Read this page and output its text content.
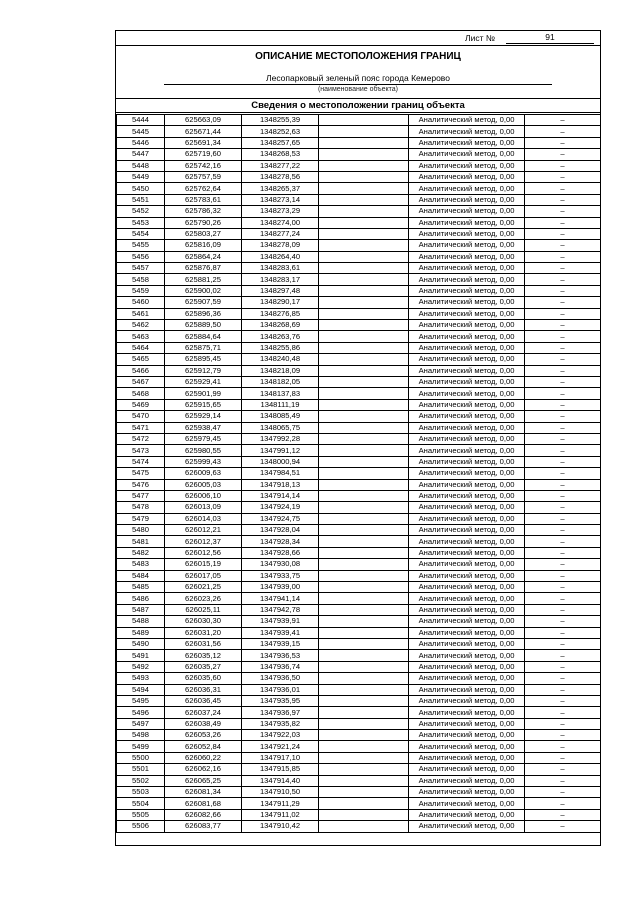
Лист №	91
ОПИСАНИЕ МЕСТОПОЛОЖЕНИЯ ГРАНИЦ
Лесопарковый зеленый пояс города Кемерово
(наименование объекта)
Сведения о местоположении границ объекта
5444	625663,09	1348255,39		Аналитический метод, 0,00	–
5445	625671,44	1348252,63		Аналитический метод, 0,00	–
5446	625691,34	1348257,65		Аналитический метод, 0,00	–
5447	625719,60	1348268,53		Аналитический метод, 0,00	–
5448	625742,16	1348277,22		Аналитический метод, 0,00	–
5449	625757,59	1348278,56		Аналитический метод, 0,00	–
5450	625762,64	1348265,37		Аналитический метод, 0,00	–
5451	625783,61	1348273,14		Аналитический метод, 0,00	–
5452	625786,32	1348273,29		Аналитический метод, 0,00	–
5453	625790,26	1348274,00		Аналитический метод, 0,00	–
5454	625803,27	1348277,24		Аналитический метод, 0,00	–
5455	625816,09	1348278,09		Аналитический метод, 0,00	–
5456	625864,24	1348264,40		Аналитический метод, 0,00	–
5457	625876,87	1348283,61		Аналитический метод, 0,00	–
5458	625881,25	1348283,17		Аналитический метод, 0,00	–
5459	625900,02	1348297,48		Аналитический метод, 0,00	–
5460	625907,59	1348290,17		Аналитический метод, 0,00	–
5461	625896,36	1348276,85		Аналитический метод, 0,00	–
5462	625889,50	1348268,69		Аналитический метод, 0,00	–
5463	625884,64	1348263,76		Аналитический метод, 0,00	–
5464	625875,71	1348255,86		Аналитический метод, 0,00	–
5465	625895,45	1348240,48		Аналитический метод, 0,00	–
5466	625912,79	1348218,09		Аналитический метод, 0,00	–
5467	625929,41	1348182,05		Аналитический метод, 0,00	–
5468	625901,99	1348137,83		Аналитический метод, 0,00	–
5469	625915,65	1348111,19		Аналитический метод, 0,00	–
5470	625929,14	1348085,49		Аналитический метод, 0,00	–
5471	625938,47	1348065,75		Аналитический метод, 0,00	–
5472	625979,45	1347992,28		Аналитический метод, 0,00	–
5473	625980,55	1347991,12		Аналитический метод, 0,00	–
5474	625999,43	1348000,94		Аналитический метод, 0,00	–
5475	626009,63	1347984,51		Аналитический метод, 0,00	–
5476	626005,03	1347918,13		Аналитический метод, 0,00	–
5477	626006,10	1347914,14		Аналитический метод, 0,00	–
5478	626013,09	1347924,19		Аналитический метод, 0,00	–
5479	626014,03	1347924,75		Аналитический метод, 0,00	–
5480	626012,21	1347928,04		Аналитический метод, 0,00	–
5481	626012,37	1347928,34		Аналитический метод, 0,00	–
5482	626012,56	1347928,66		Аналитический метод, 0,00	–
5483	626015,19	1347930,08		Аналитический метод, 0,00	–
5484	626017,05	1347933,75		Аналитический метод, 0,00	–
5485	626021,25	1347939,00		Аналитический метод, 0,00	–
5486	626023,26	1347941,14		Аналитический метод, 0,00	–
5487	626025,11	1347942,78		Аналитический метод, 0,00	–
5488	626030,30	1347939,91		Аналитический метод, 0,00	–
5489	626031,20	1347939,41		Аналитический метод, 0,00	–
5490	626031,56	1347939,15		Аналитический метод, 0,00	–
5491	626035,12	1347936,53		Аналитический метод, 0,00	–
5492	626035,27	1347936,74		Аналитический метод, 0,00	–
5493	626035,60	1347936,50		Аналитический метод, 0,00	–
5494	626036,31	1347936,01		Аналитический метод, 0,00	–
5495	626036,45	1347935,95		Аналитический метод, 0,00	–
5496	626037,24	1347936,97		Аналитический метод, 0,00	–
5497	626038,49	1347935,82		Аналитический метод, 0,00	–
5498	626053,26	1347922,03		Аналитический метод, 0,00	–
5499	626052,84	1347921,24		Аналитический метод, 0,00	–
5500	626060,22	1347917,10		Аналитический метод, 0,00	–
5501	626062,16	1347915,85		Аналитический метод, 0,00	–
5502	626065,25	1347914,40		Аналитический метод, 0,00	–
5503	626081,34	1347910,50		Аналитический метод, 0,00	–
5504	626081,68	1347911,29		Аналитический метод, 0,00	–
5505	626082,66	1347911,02		Аналитический метод, 0,00	–
5506	626083,77	1347910,42		Аналитический метод, 0,00	–
